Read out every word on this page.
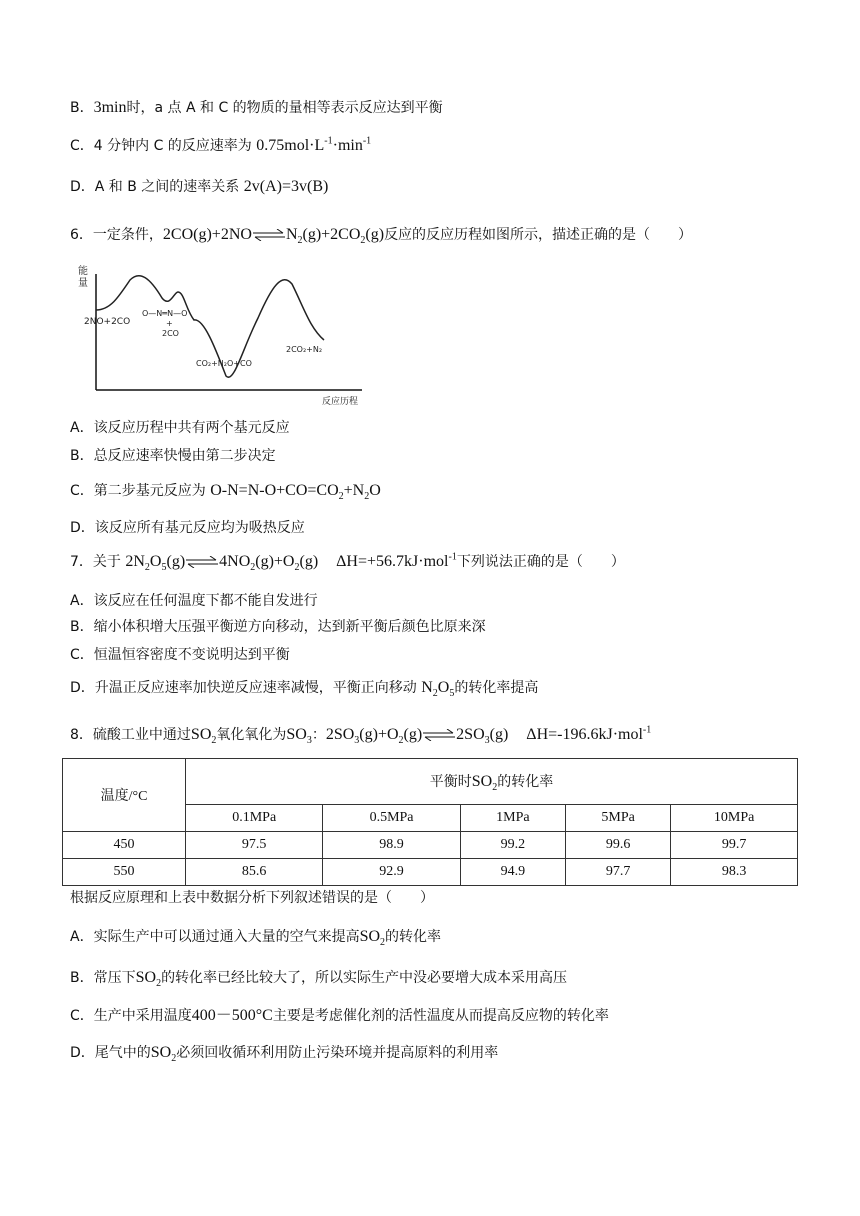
B．3min时，a 点 A 和 C 的物质的量相等表示反应达到平衡
C．4 分钟内 C 的反应速率为 $0.75mol\cdot L^{-1}\cdot\min^{-1}$
D．A 和 B 之间的速率关系 2v(A)=3v(B)
6．一定条件，2CO(g)+2NO $N_2(g)+2CO_2(g)$反应的反应历程如图所示，描述正确的是（　　）
能
量
反应历程
2NO+2CO
O—N═N—O
+
2CO
CO₂+N₂O+CO
2CO₂+N₂
A．该反应历程中共有两个基元反应
B．总反应速率快慢由第二步决定
C．第二步基元反应为 $O-N=N-O+CO=CO_2+N_2O$
D．该反应所有基元反应均为吸热反应
7．关于 $2N_2O_5(g)$ $4NO_2(g)+O_2(g)$ ΔH=+56.7kJ·mol$^{-1}$下列说法正确的是（　　）
A．该反应在任何温度下都不能自发进行
B．缩小体积增大压强平衡逆方向移动，达到新平衡后颜色比原来深
C．恒温恒容密度不变说明达到平衡
D．升温正反应速率加快逆反应速率减慢，平衡正向移动 $N_2O_5$的转化率提高
8．硫酸工业中通过$SO_2$氧化氧化为$SO_3$：$2SO_3(g)+O_2(g)$ $2SO_3(g)$ ΔH=-196.6kJ·mol$^{-1}$
温度/°C	平衡时$SO_2$的转化率				
	0.1MPa	0.5MPa	1MPa	5MPa	10MPa
450	97.5	98.9	99.2	99.6	99.7
550	85.6	92.9	94.9	97.7	98.3
根据反应原理和上表中数据分析下列叙述错误的是（　　）
A．实际生产中可以通过通入大量的空气来提高$SO_2$的转化率
B．常压下$SO_2$的转化率已经比较大了，所以实际生产中没必要增大成本采用高压
C．生产中采用温度400－500°C主要是考虑催化剂的活性温度从而提高反应物的转化率
D．尾气中的$SO_2$必须回收循环利用防止污染环境并提高原料的利用率
